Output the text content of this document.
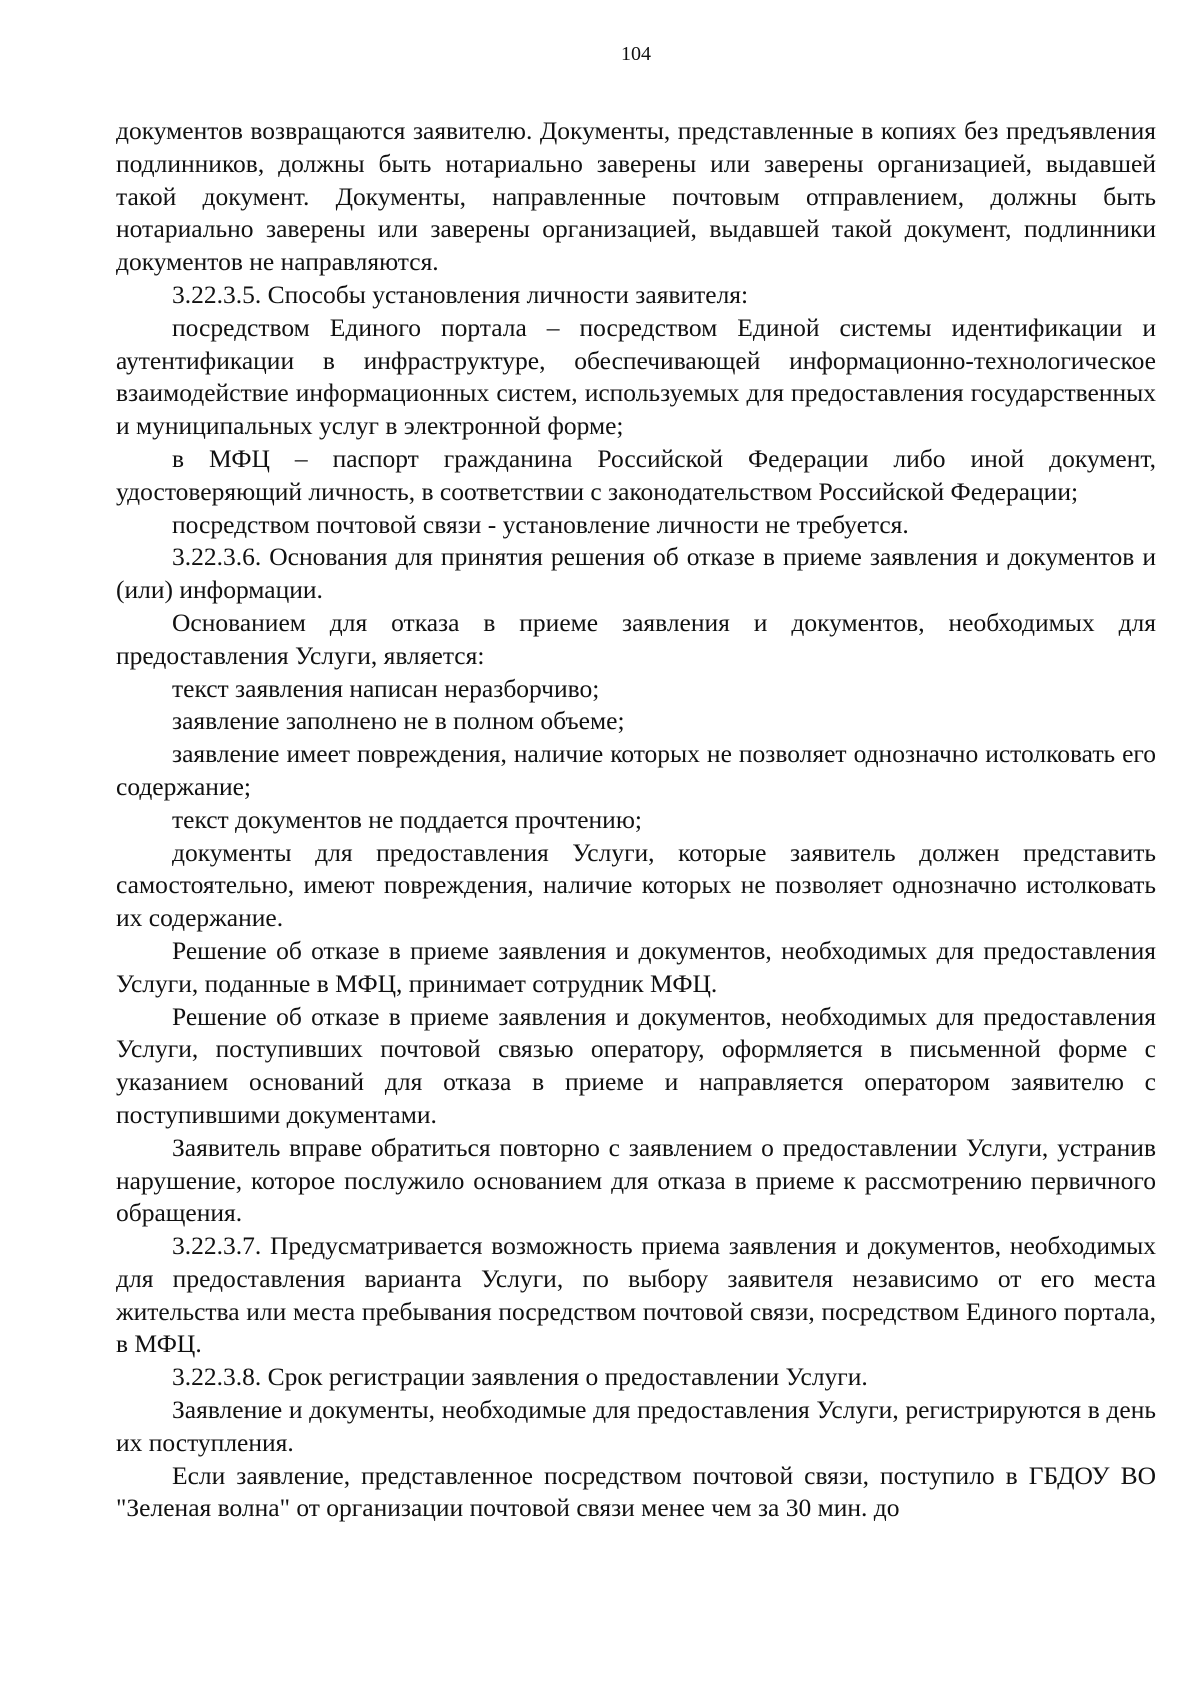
104

документов возвращаются заявителю. Документы, представленные в копиях без предъявления подлинников, должны быть нотариально заверены или заверены организацией, выдавшей такой документ. Документы, направленные почтовым отправлением, должны быть нотариально заверены или заверены организацией, выдавшей такой документ, подлинники документов не направляются.

3.22.3.5. Способы установления личности заявителя:

посредством Единого портала – посредством Единой системы идентификации и аутентификации в инфраструктуре, обеспечивающей информационно-технологическое взаимодействие информационных систем, используемых для предоставления государственных и муниципальных услуг в электронной форме;

в МФЦ – паспорт гражданина Российской Федерации либо иной документ, удостоверяющий личность, в соответствии с законодательством Российской Федерации;

посредством почтовой связи - установление личности не требуется.

3.22.3.6. Основания для принятия решения об отказе в приеме заявления и документов и (или) информации.

Основанием для отказа в приеме заявления и документов, необходимых для предоставления Услуги, является:

текст заявления написан неразборчиво;

заявление заполнено не в полном объеме;

заявление имеет повреждения, наличие которых не позволяет однозначно истолковать его содержание;

текст документов не поддается прочтению;

документы для предоставления Услуги, которые заявитель должен представить самостоятельно, имеют повреждения, наличие которых не позволяет однозначно истолковать их содержание.

Решение об отказе в приеме заявления и документов, необходимых для предоставления Услуги, поданные в МФЦ, принимает сотрудник МФЦ.

Решение об отказе в приеме заявления и документов, необходимых для предоставления Услуги, поступивших почтовой связью оператору, оформляется в письменной форме с указанием оснований для отказа в приеме и направляется оператором заявителю с поступившими документами.

Заявитель вправе обратиться повторно с заявлением о предоставлении Услуги, устранив нарушение, которое послужило основанием для отказа в приеме к рассмотрению первичного обращения.

3.22.3.7. Предусматривается возможность приема заявления и документов, необходимых для предоставления варианта Услуги, по выбору заявителя независимо от его места жительства или места пребывания посредством почтовой связи, посредством Единого портала, в МФЦ.

3.22.3.8. Срок регистрации заявления о предоставлении Услуги.

Заявление и документы, необходимые для предоставления Услуги, регистрируются в день их поступления.

Если заявление, представленное посредством почтовой связи, поступило в ГБДОУ ВО "Зеленая волна" от организации почтовой связи менее чем за 30 мин. до
